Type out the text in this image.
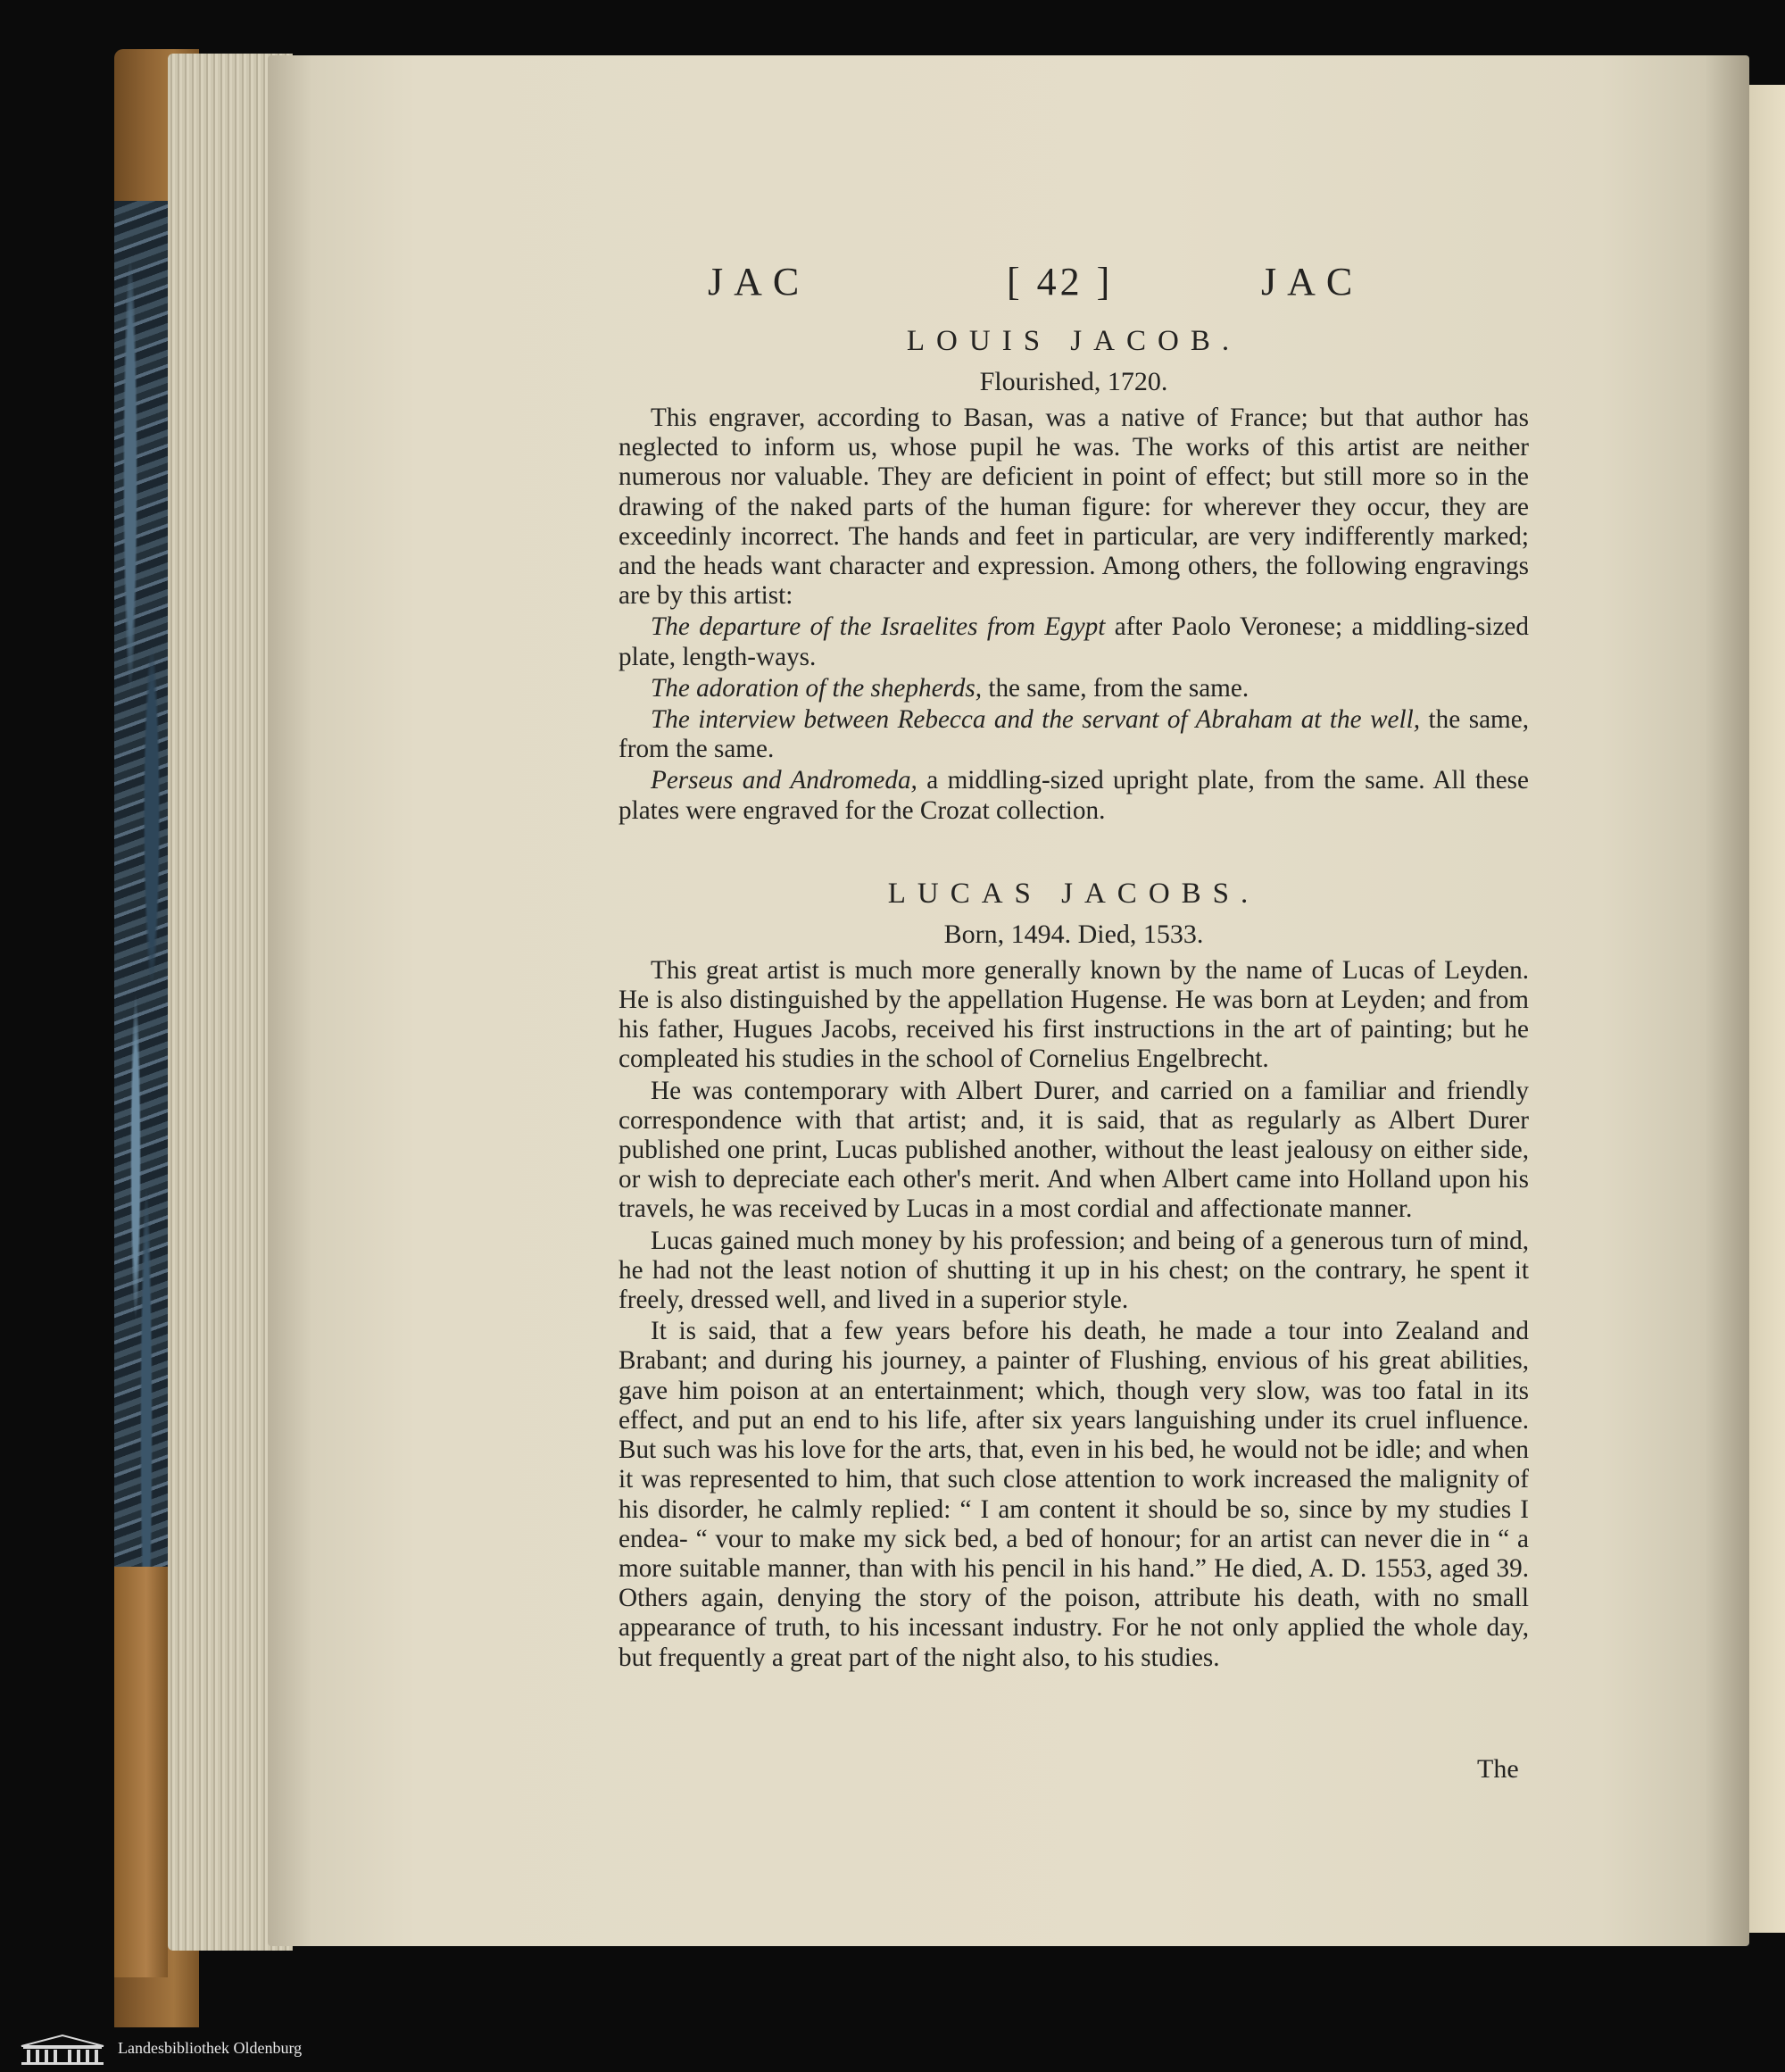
JAC	[ 42 ]	JAC
LOUIS JACOB.
Flourished, 1720.

This engraver, according to Basan, was a native of France; but that author has neglected to inform us, whose pupil he was. The works of this artist are neither numerous nor valuable. They are deficient in point of effect; but still more so in the drawing of the naked parts of the human figure: for wherever they occur, they are exceedinly incorrect. The hands and feet in particular, are very indifferently marked; and the heads want character and expression. Among others, the following engravings are by this artist:

The departure of the Israelites from Egypt after Paolo Veronese; a middling-sized plate, length-ways.

The adoration of the shepherds, the same, from the same.

The interview between Rebecca and the servant of Abraham at the well, the same, from the same.

Perseus and Andromeda, a middling-sized upright plate, from the same. All these plates were engraved for the Crozat collection.

LUCAS JACOBS.
Born, 1494. Died, 1533.

This great artist is much more generally known by the name of Lucas of Leyden. He is also distinguished by the appellation Hugense. He was born at Leyden; and from his father, Hugues Jacobs, received his first instructions in the art of painting; but he compleated his studies in the school of Cornelius Engelbrecht.

He was contemporary with Albert Durer, and carried on a familiar and friendly correspondence with that artist; and, it is said, that as regularly as Albert Durer published one print, Lucas published another, without the least jealousy on either side, or wish to depreciate each other's merit. And when Albert came into Holland upon his travels, he was received by Lucas in a most cordial and affectionate manner.

Lucas gained much money by his profession; and being of a generous turn of mind, he had not the least notion of shutting it up in his chest; on the contrary, he spent it freely, dressed well, and lived in a superior style.

It is said, that a few years before his death, he made a tour into Zealand and Brabant; and during his journey, a painter of Flushing, envious of his great abilities, gave him poison at an entertainment; which, though very slow, was too fatal in its effect, and put an end to his life, after six years languishing under its cruel influence. But such was his love for the arts, that, even in his bed, he would not be idle; and when it was represented to him, that such close attention to work increased the malignity of his disorder, he calmly replied: “ I am content it should be so, since by my studies I endea- “ vour to make my sick bed, a bed of honour; for an artist can never die in “ a more suitable manner, than with his pencil in his hand.” He died, A. D. 1553, aged 39. Others again, denying the story of the poison, attribute his death, with no small appearance of truth, to his incessant industry. For he not only applied the whole day, but frequently a great part of the night also, to his studies.

The
Landesbibliothek Oldenburg
